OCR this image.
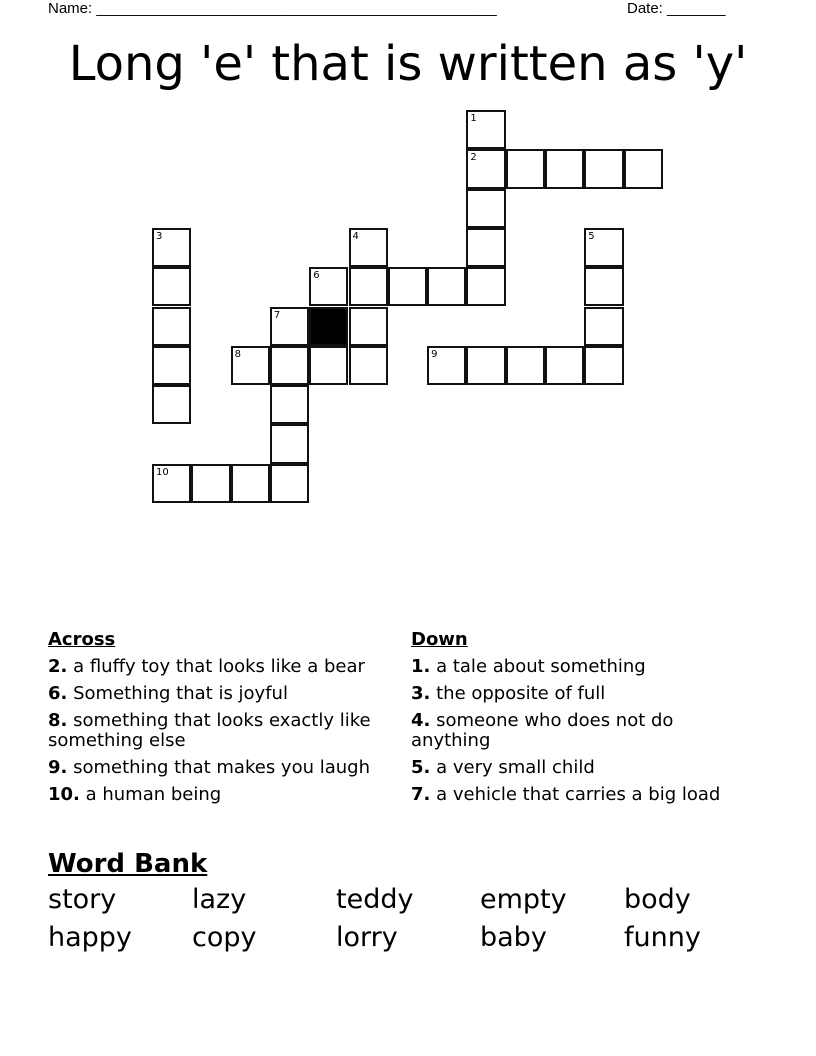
Name: ________________________________________________	Date: _______
Long 'e' that is written as 'y'
1
2
3	4	5
6
7
8	9
10
Across
2. a fluffy toy that looks like a bear
6. Something that is joyful
8. something that looks exactly like something else
9. something that makes you laugh
10. a human being
Down
1. a tale about something
3. the opposite of full
4. someone who does not do anything
5. a very small child
7. a vehicle that carries a big load
Word Bank
story	lazy	teddy	empty	body
happy	copy	lorry	baby	funny
